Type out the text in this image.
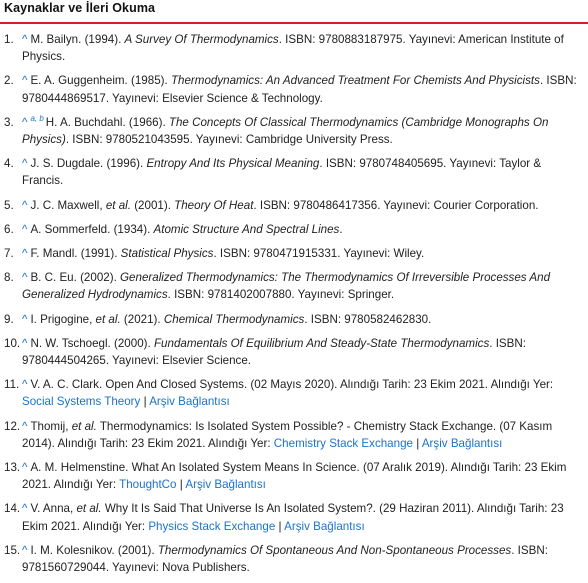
Kaynaklar ve İleri Okuma
1. ^ M. Bailyn. (1994). A Survey Of Thermodynamics. ISBN: 9780883187975. Yayınevi: American Institute of Physics.
2. ^ E. A. Guggenheim. (1985). Thermodynamics: An Advanced Treatment For Chemists And Physicists. ISBN: 9780444869517. Yayınevi: Elsevier Science & Technology.
3. ^ $^{a, b}$ H. A. Buchdahl. (1966). The Concepts Of Classical Thermodynamics (Cambridge Monographs On Physics). ISBN: 9780521043595. Yayınevi: Cambridge University Press.
4. ^ J. S. Dugdale. (1996). Entropy And Its Physical Meaning. ISBN: 9780748405695. Yayınevi: Taylor & Francis.
5. ^ J. C. Maxwell, et al. (2001). Theory Of Heat. ISBN: 9780486417356. Yayınevi: Courier Corporation.
6. ^ A. Sommerfeld. (1934). Atomic Structure And Spectral Lines.
7. ^ F. Mandl. (1991). Statistical Physics. ISBN: 9780471915331. Yayınevi: Wiley.
8. ^ B. C. Eu. (2002). Generalized Thermodynamics: The Thermodynamics Of Irreversible Processes And Generalized Hydrodynamics. ISBN: 9781402007880. Yayınevi: Springer.
9. ^ I. Prigogine, et al. (2021). Chemical Thermodynamics. ISBN: 9780582462830.
10. ^ N. W. Tschoegl. (2000). Fundamentals Of Equilibrium And Steady-State Thermodynamics. ISBN: 9780444504265. Yayınevi: Elsevier Science.
11. ^ V. A. C. Clark. Open And Closed Systems. (02 Mayıs 2020). Alındığı Tarih: 23 Ekim 2021. Alındığı Yer: Social Systems Theory | Arşiv Bağlantısı
12. ^ Thomij, et al. Thermodynamics: Is Isolated System Possible? - Chemistry Stack Exchange. (07 Kasım 2014). Alındığı Tarih: 23 Ekim 2021. Alındığı Yer: Chemistry Stack Exchange | Arşiv Bağlantısı
13. ^ A. M. Helmenstine. What An Isolated System Means In Science. (07 Aralık 2019). Alındığı Tarih: 23 Ekim 2021. Alındığı Yer: ThoughtCo | Arşiv Bağlantısı
14. ^ V. Anna, et al. Why It Is Said That Universe Is An Isolated System?. (29 Haziran 2011). Alındığı Tarih: 23 Ekim 2021. Alındığı Yer: Physics Stack Exchange | Arşiv Bağlantısı
15. ^ I. M. Kolesnikov. (2001). Thermodynamics Of Spontaneous And Non-Spontaneous Processes. ISBN: 9781560729044. Yayınevi: Nova Publishers.
